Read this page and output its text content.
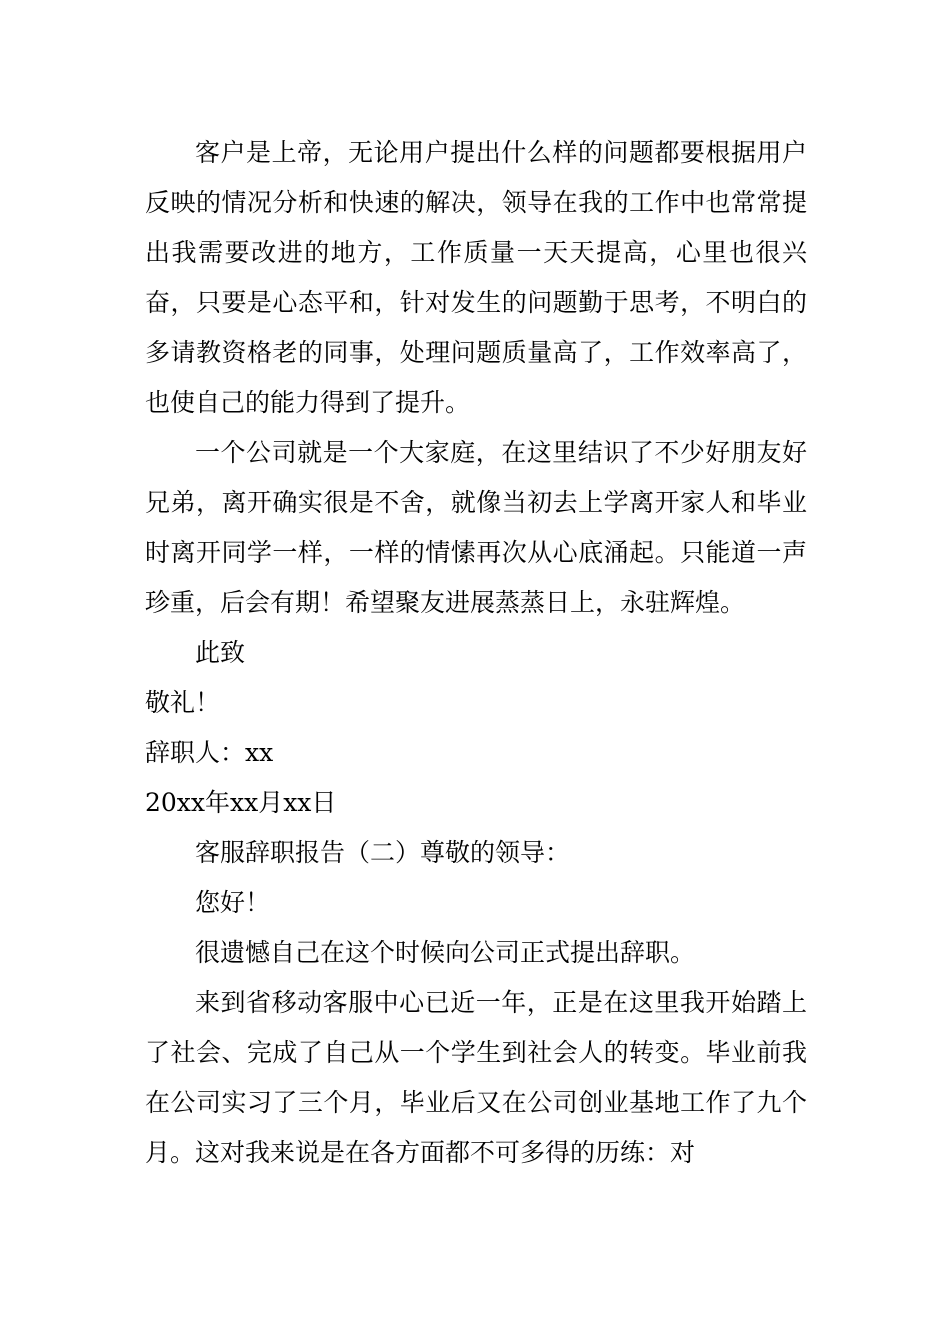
客户是上帝，无论用户提出什么样的问题都要根据用户反映的情况分析和快速的解决，领导在我的工作中也常常提出我需要改进的地方，工作质量一天天提高，心里也很兴奋，只要是心态平和，针对发生的问题勤于思考，不明白的多请教资格老的同事，处理问题质量高了，工作效率高了，也使自己的能力得到了提升。

一个公司就是一个大家庭，在这里结识了不少好朋友好兄弟，离开确实很是不舍，就像当初去上学离开家人和毕业时离开同学一样，一样的情愫再次从心底涌起。只能道一声珍重，后会有期！希望聚友进展蒸蒸日上，永驻辉煌。

此致

敬礼！

辞职人：xx

20xx年xx月xx日

客服辞职报告（二）尊敬的领导：

您好！

很遗憾自己在这个时候向公司正式提出辞职。

来到省移动客服中心已近一年，正是在这里我开始踏上了社会、完成了自己从一个学生到社会人的转变。毕业前我在公司实习了三个月，毕业后又在公司创业基地工作了九个月。这对我来说是在各方面都不可多得的历练：对
